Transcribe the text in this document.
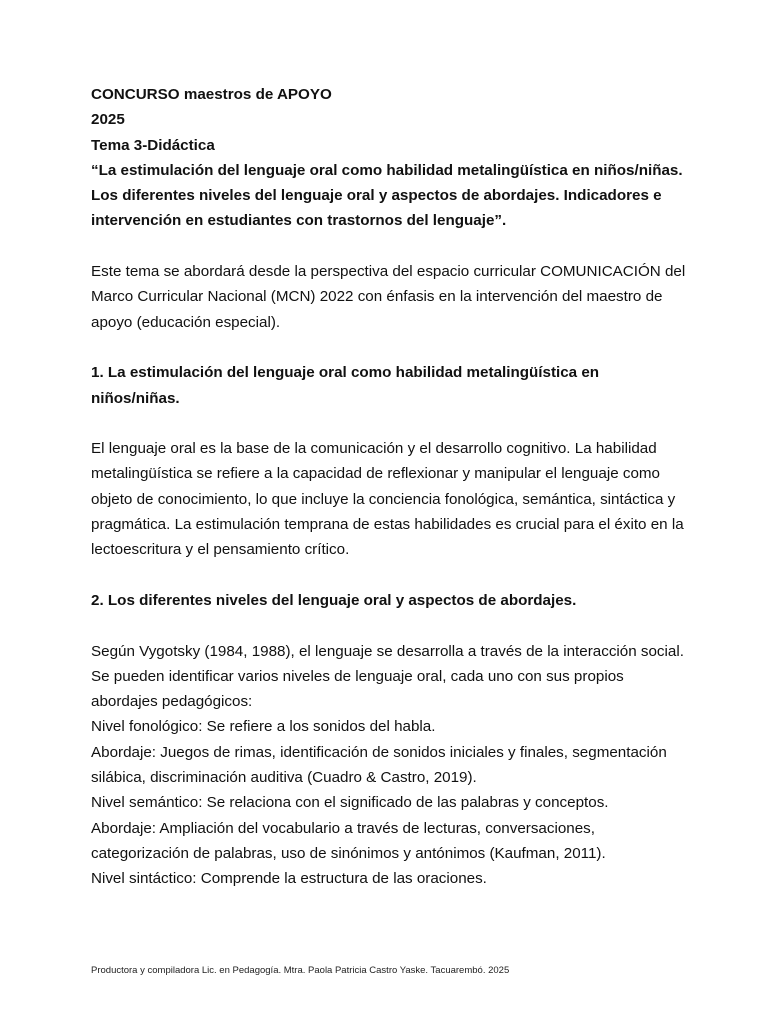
CONCURSO maestros de APOYO

2025

Tema 3-Didáctica

“La estimulación del lenguaje oral como habilidad metalingüística en niños/niñas. Los diferentes niveles del lenguaje oral y aspectos de abordajes. Indicadores e intervención en estudiantes con trastornos del lenguaje”.

Este tema se abordará desde la perspectiva del espacio curricular COMUNICACIÓN del Marco Curricular Nacional (MCN) 2022 con énfasis en la intervención del maestro de apoyo (educación especial).

1. La estimulación del lenguaje oral como habilidad metalingüística en niños/niñas.

El lenguaje oral es la base de la comunicación y el desarrollo cognitivo. La habilidad metalingüística se refiere a la capacidad de reflexionar y manipular el lenguaje como objeto de conocimiento, lo que incluye la conciencia fonológica, semántica, sintáctica y pragmática. La estimulación temprana de estas habilidades es crucial para el éxito en la lectoescritura y el pensamiento crítico.

2. Los diferentes niveles del lenguaje oral y aspectos de abordajes.

Según Vygotsky (1984, 1988), el lenguaje se desarrolla a través de la interacción social. Se pueden identificar varios niveles de lenguaje oral, cada uno con sus propios abordajes pedagógicos:

Nivel fonológico: Se refiere a los sonidos del habla.

Abordaje: Juegos de rimas, identificación de sonidos iniciales y finales, segmentación silábica, discriminación auditiva (Cuadro & Castro, 2019).

Nivel semántico: Se relaciona con el significado de las palabras y conceptos.

Abordaje: Ampliación del vocabulario a través de lecturas, conversaciones, categorización de palabras, uso de sinónimos y antónimos (Kaufman, 2011).

Nivel sintáctico: Comprende la estructura de las oraciones.

Productora y compiladora Lic. en Pedagogía. Mtra. Paola Patricia Castro Yaske. Tacuarembó. 2025
